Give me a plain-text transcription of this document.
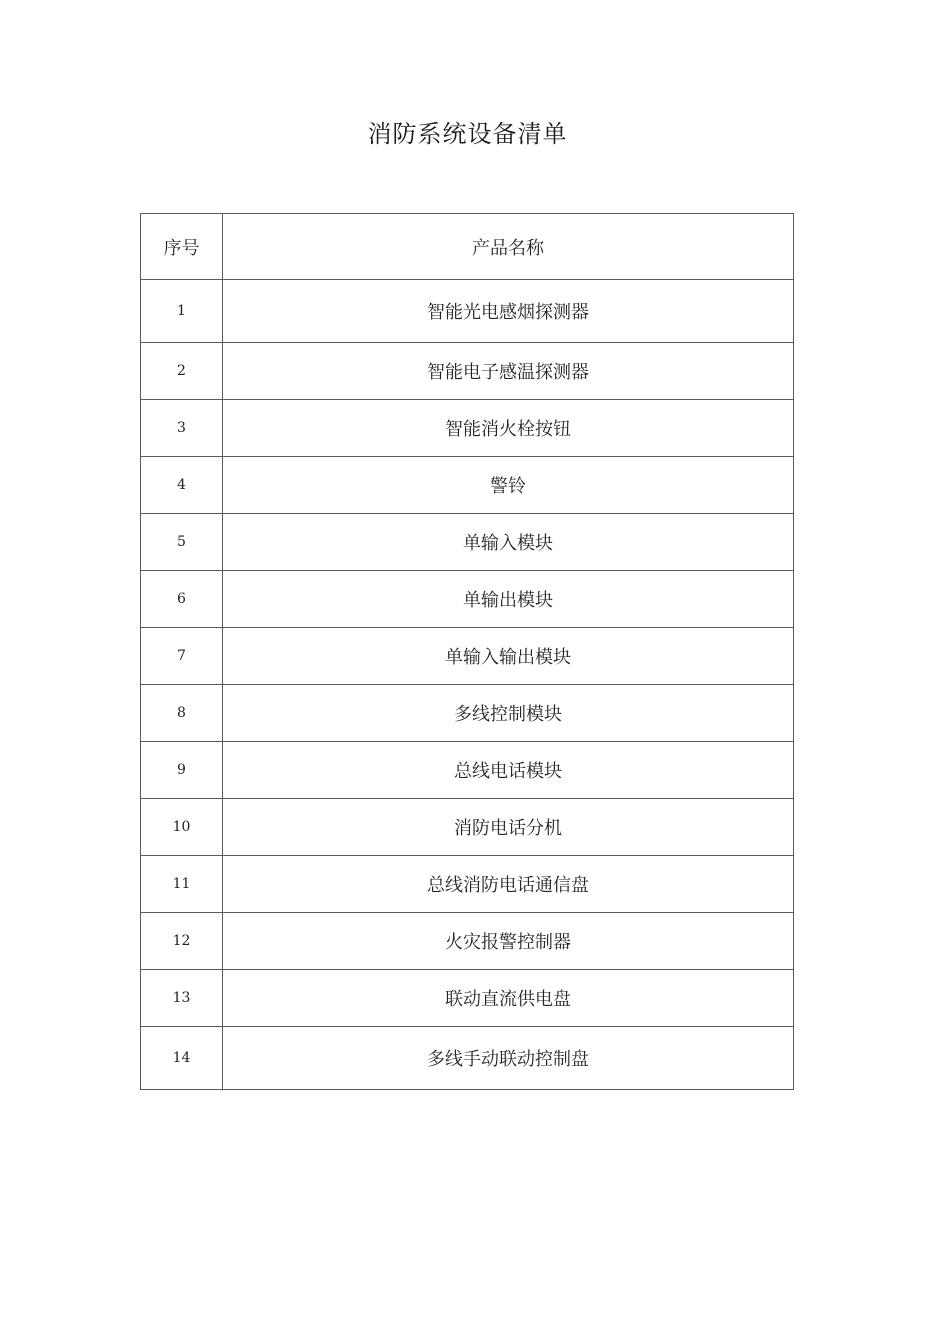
消防系统设备清单
序号	产品名称
1	智能光电感烟探测器
2	智能电子感温探测器
3	智能消火栓按钮
4	警铃
5	单输入模块
6	单输出模块
7	单输入输出模块
8	多线控制模块
9	总线电话模块
10	消防电话分机
11	总线消防电话通信盘
12	火灾报警控制器
13	联动直流供电盘
14	多线手动联动控制盘
